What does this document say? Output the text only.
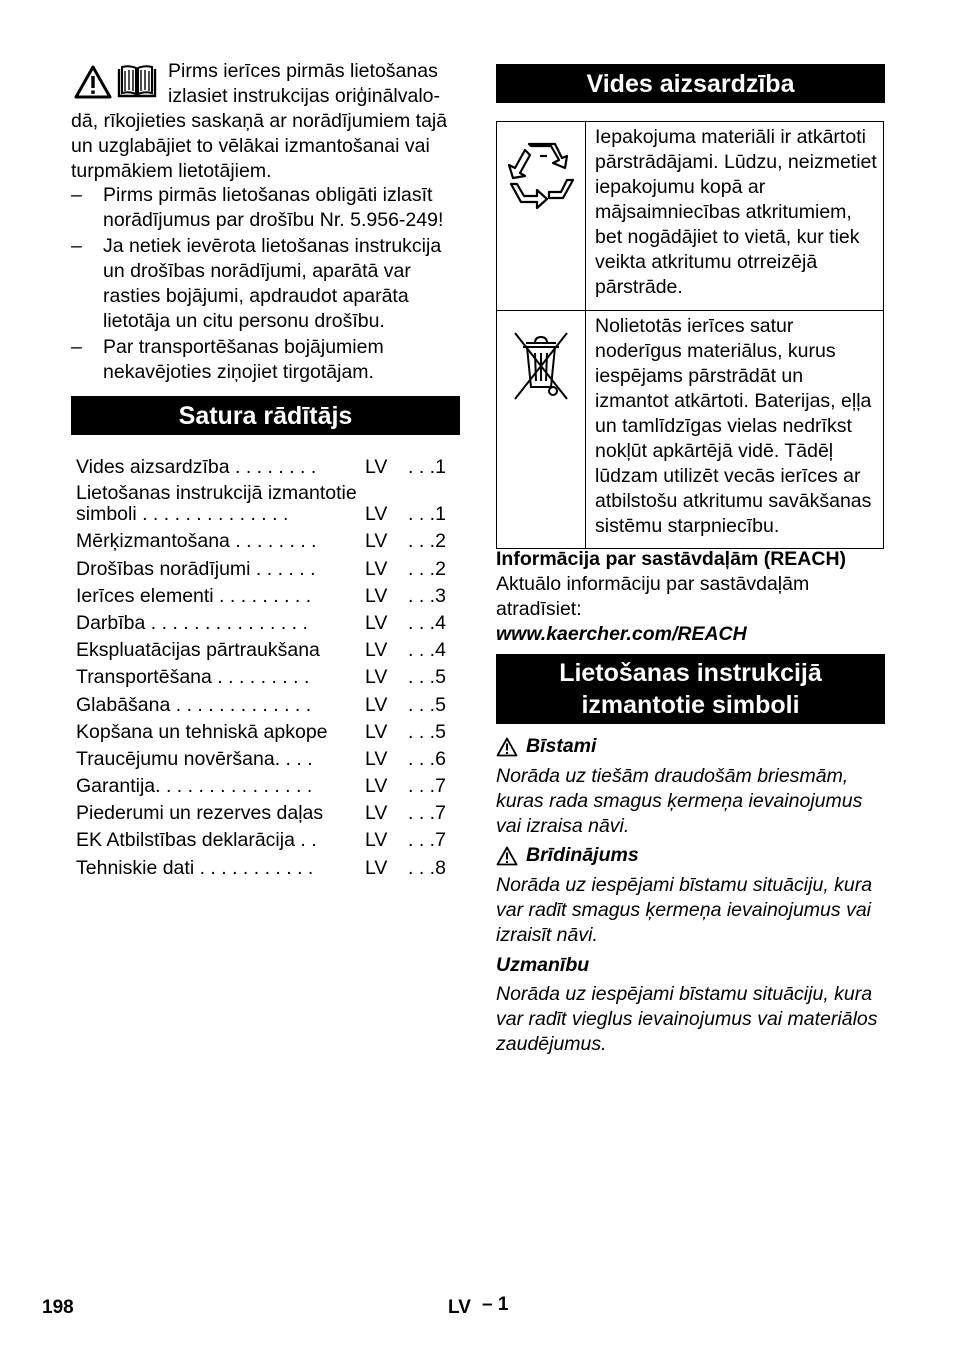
Pirms ierīces pirmās lietošanas
izlasiet instrukcijas oriģinālvalo-
dā, rīkojieties saskaņā ar norādījumiem tajā un uzglabājiet to vēlākai izmantošanai vai turpmākiem lietotājiem.
– Pirms pirmās lietošanas obligāti izlasīt norādījumus par drošību Nr. 5.956-249!
– Ja netiek ievērota lietošanas instrukcija un drošības norādījumi, aparātā var rasties bojājumi, apdraudot aparāta lietotāja un citu personu drošību.
– Par transportēšanas bojājumiem nekavējoties ziņojiet tirgotājam.
Satura rādītājs
Vides aizsardzība . . . . . . . .	LV . . .1
Lietošanas instrukcijā izmantotie simboli . . . . . . . . . . . . . .	LV . . .1
Mērķizmantošana . . . . . . . .	LV . . .2
Drošības norādījumi . . . . . .	LV . . .2
Ierīces elementi . . . . . . . . .	LV . . .3
Darbība . . . . . . . . . . . . . . .	LV . . .4
Ekspluatācijas pārtraukšana	LV . . .4
Transportēšana . . . . . . . . .	LV . . .5
Glabāšana . . . . . . . . . . . . .	LV . . .5
Kopšana un tehniskā apkope	LV . . .5
Traucējumu novēršana. . . .	LV . . .6
Garantija. . . . . . . . . . . . . . .	LV . . .7
Piederumi un rezerves daļas	LV . . .7
EK Atbilstības deklarācija . .	LV . . .7
Tehniskie dati . . . . . . . . . . .	LV . . .8
Vides aizsardzība
	Iepakojuma materiāli ir atkārtoti pārstrādājami. Lūdzu, neizmetiet iepakojumu kopā ar mājsaimniecības atkritumiem, bet nogādājiet to vietā, kur tiek veikta atkritumu otrreizējā pārstrāde.
	Nolietotās ierīces satur noderīgus materiālus, kurus iespējams pārstrādāt un izmantot atkārtoti. Baterijas, eļļa un tamlīdzīgas vielas nedrīkst nokļūt apkārtējā vidē. Tādēļ lūdzam utilizēt vecās ierīces ar atbilstošu atkritumu savākšanas sistēmu starpniecību.
Informācija par sastāvdaļām (REACH)
Aktuālo informāciju par sastāvdaļām atradīsiet:
www.kaercher.com/REACH
Lietošanas instrukcijā izmantotie simboli
Bīstami
Norāda uz tiešām draudošām briesmām, kuras rada smagus ķermeņa ievainojumus vai izraisa nāvi.
Brīdinājums
Norāda uz iespējami bīstamu situāciju, kura var radīt smagus ķermeņa ievainojumus vai izraisīt nāvi.
Uzmanību
Norāda uz iespējami bīstamu situāciju, kura var radīt vieglus ievainojumus vai materiālos zaudējumus.
198	LV – 1
